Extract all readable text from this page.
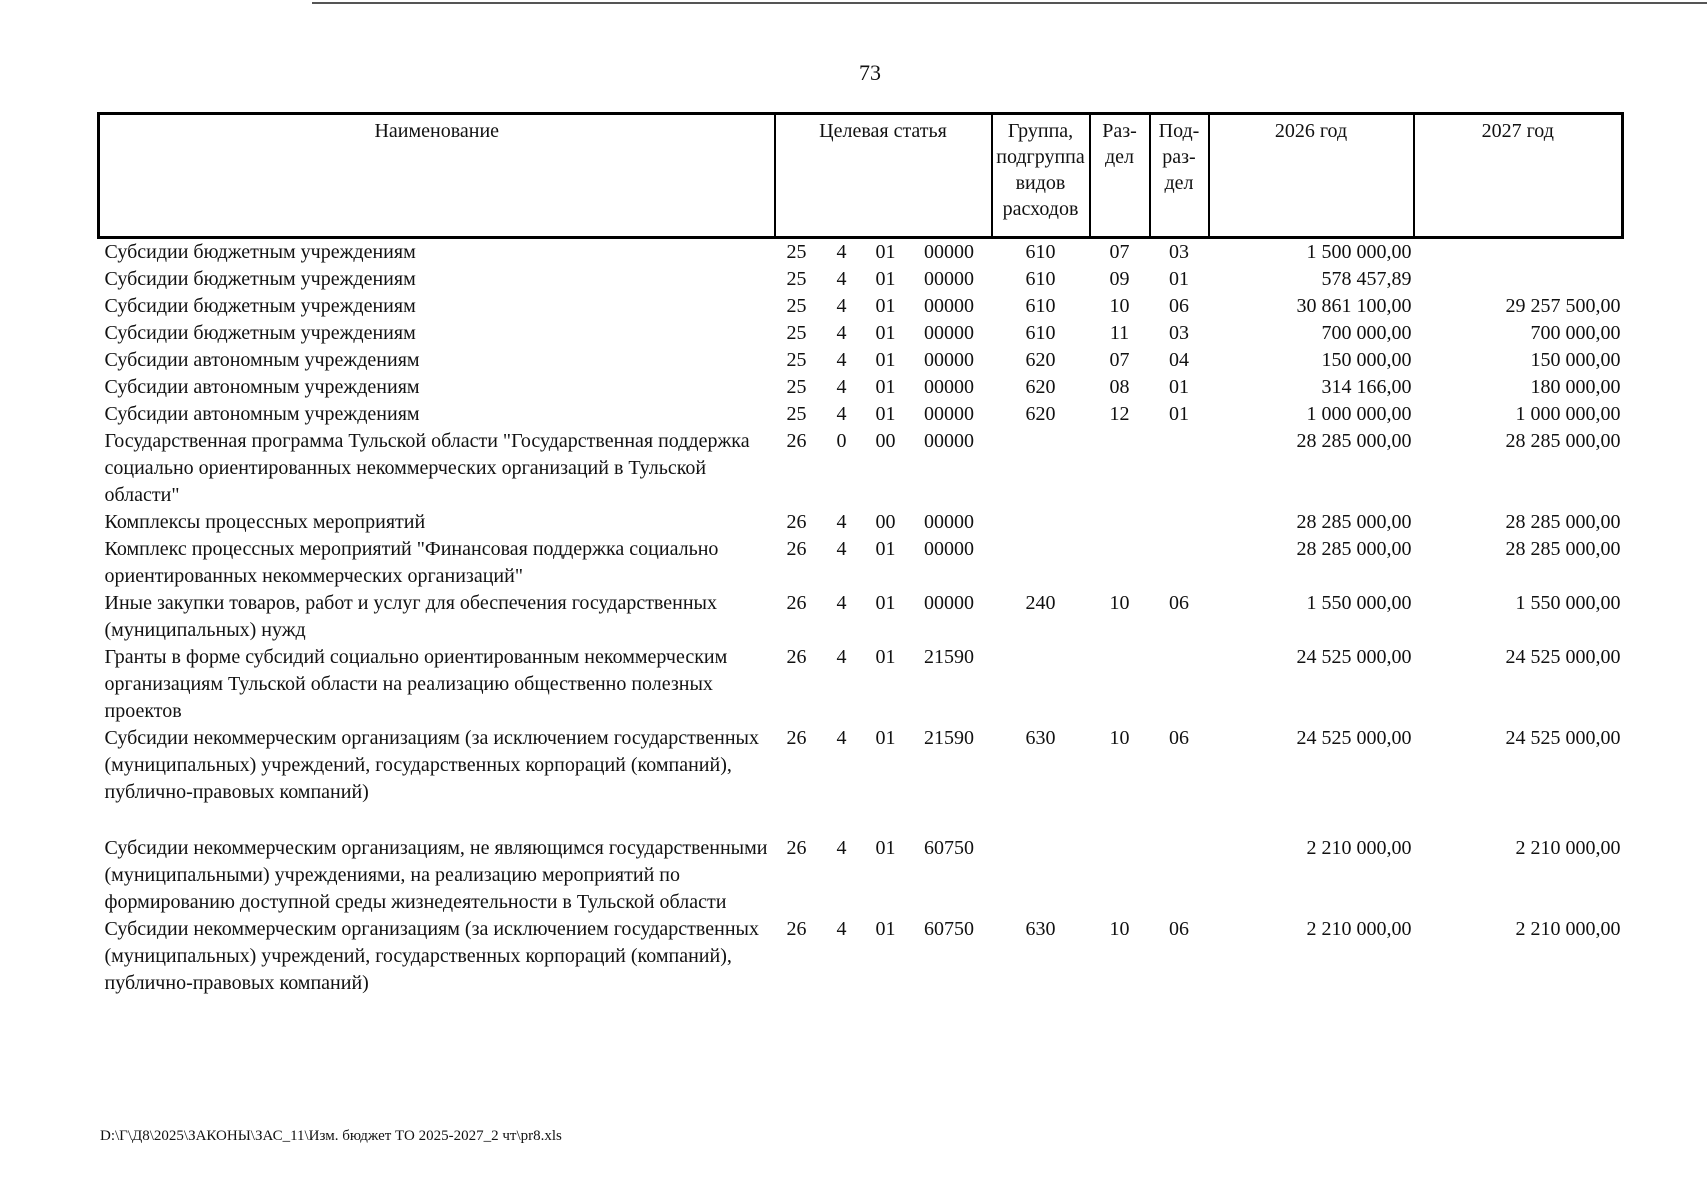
73
Наименование	Целевая статья				Группа, подгруппа видов расходов	Раз-дел	Под-раз-дел	2026 год	2027 год
Субсидии бюджетным учреждениям	25	4	01	00000	610	07	03	1 500 000,00	
Субсидии бюджетным учреждениям	25	4	01	00000	610	09	01	578 457,89	
Субсидии бюджетным учреждениям	25	4	01	00000	610	10	06	30 861 100,00	29 257 500,00
Субсидии бюджетным учреждениям	25	4	01	00000	610	11	03	700 000,00	700 000,00
Субсидии автономным учреждениям	25	4	01	00000	620	07	04	150 000,00	150 000,00
Субсидии автономным учреждениям	25	4	01	00000	620	08	01	314 166,00	180 000,00
Субсидии автономным учреждениям	25	4	01	00000	620	12	01	1 000 000,00	1 000 000,00
Государственная программа Тульской области "Государственная поддержка социально ориентированных некоммерческих организаций в Тульской области"	26	0	00	00000				28 285 000,00	28 285 000,00
Комплексы процессных мероприятий	26	4	00	00000				28 285 000,00	28 285 000,00
Комплекс процессных мероприятий "Финансовая поддержка социально ориентированных некоммерческих организаций"	26	4	01	00000				28 285 000,00	28 285 000,00
Иные закупки товаров, работ и услуг для обеспечения государственных (муниципальных) нужд	26	4	01	00000	240	10	06	1 550 000,00	1 550 000,00
Гранты в форме субсидий социально ориентированным некоммерческим организациям Тульской области на реализацию общественно полезных проектов	26	4	01	21590				24 525 000,00	24 525 000,00
Субсидии некоммерческим организациям (за исключением государственных (муниципальных) учреждений, государственных корпораций (компаний), публично-правовых компаний)	26	4	01	21590	630	10	06	24 525 000,00	24 525 000,00
Субсидии некоммерческим организациям, не являющимся государственными (муниципальными) учреждениями, на реализацию мероприятий по формированию доступной среды жизнедеятельности в Тульской области	26	4	01	60750				2 210 000,00	2 210 000,00
Субсидии некоммерческим организациям (за исключением государственных (муниципальных) учреждений, государственных корпораций (компаний), публично-правовых компаний)	26	4	01	60750	630	10	06	2 210 000,00	2 210 000,00
D:\Г\Д8\2025\ЗАКОНЫ\ЗАС_11\Изм. бюджет ТО 2025-2027_2 чт\pr8.xls
